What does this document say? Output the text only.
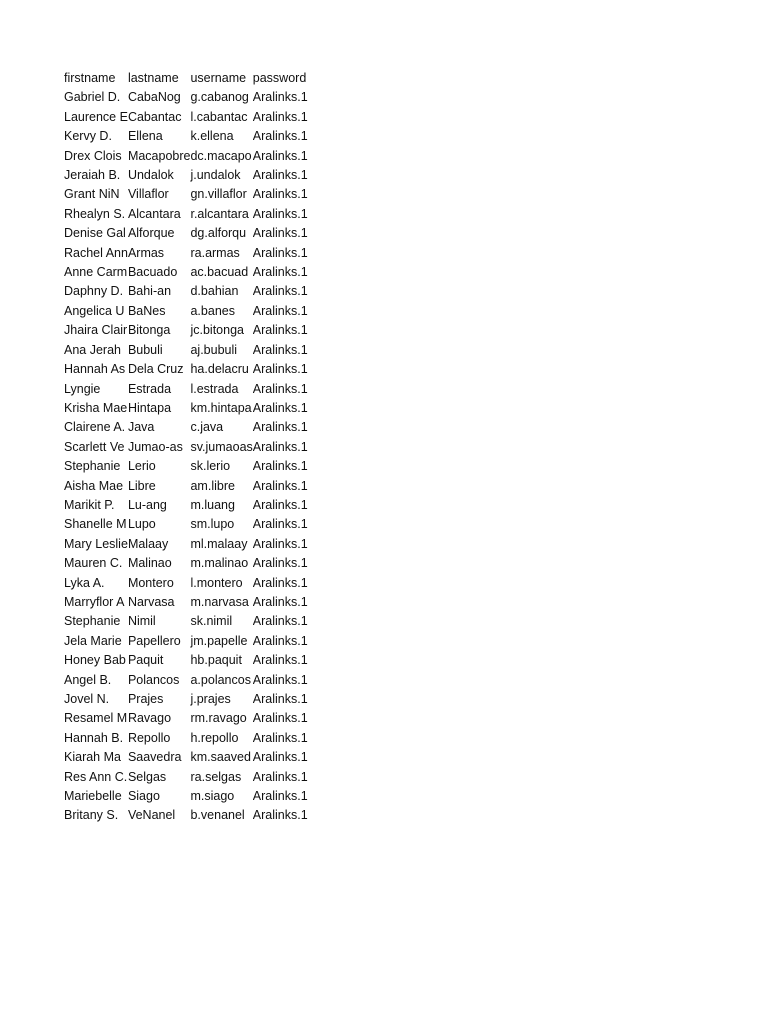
firstname	lastname	username	password
Gabriel D.	CabaNog	g.cabanog	Aralinks.1
Laurence E	Cabantac	l.cabantac	Aralinks.1
Kervy D.	Ellena	k.ellena	Aralinks.1
Drex Clois	Macapobre	dc.macapo	Aralinks.1
Jeraiah B.	Undalok	j.undalok	Aralinks.1
Grant NiN	Villaflor	gn.villaflor	Aralinks.1
Rhealyn S.	Alcantara	r.alcantara	Aralinks.1
Denise Gal	Alforque	dg.alforqu	Aralinks.1
Rachel Ann	Armas	ra.armas	Aralinks.1
Anne Carm	Bacuado	ac.bacuad	Aralinks.1
Daphny D.	Bahi-an	d.bahian	Aralinks.1
Angelica U	BaNes	a.banes	Aralinks.1
Jhaira Clair	Bitonga	jc.bitonga	Aralinks.1
Ana Jerah	Bubuli	aj.bubuli	Aralinks.1
Hannah As	Dela Cruz	ha.delacru	Aralinks.1
Lyngie	Estrada	l.estrada	Aralinks.1
Krisha Mae	Hintapa	km.hintapa	Aralinks.1
Clairene A.	Java	c.java	Aralinks.1
Scarlett Ve	Jumao-as	sv.jumaoas	Aralinks.1
Stephanie	Lerio	sk.lerio	Aralinks.1
Aisha Mae	Libre	am.libre	Aralinks.1
Marikit P.	Lu-ang	m.luang	Aralinks.1
Shanelle M	Lupo	sm.lupo	Aralinks.1
Mary Leslie	Malaay	ml.malaay	Aralinks.1
Mauren C.	Malinao	m.malinao	Aralinks.1
Lyka A.	Montero	l.montero	Aralinks.1
Marryflor A	Narvasa	m.narvasa	Aralinks.1
Stephanie	Nimil	sk.nimil	Aralinks.1
Jela Marie	Papellero	jm.papelle	Aralinks.1
Honey Bab	Paquit	hb.paquit	Aralinks.1
Angel B.	Polancos	a.polancos	Aralinks.1
Jovel N.	Prajes	j.prajes	Aralinks.1
Resamel M	Ravago	rm.ravago	Aralinks.1
Hannah B.	Repollo	h.repollo	Aralinks.1
Kiarah Ma	Saavedra	km.saaved	Aralinks.1
Res Ann C.	Selgas	ra.selgas	Aralinks.1
Mariebelle	Siago	m.siago	Aralinks.1
Britany S.	VeNanel	b.venanel	Aralinks.1
